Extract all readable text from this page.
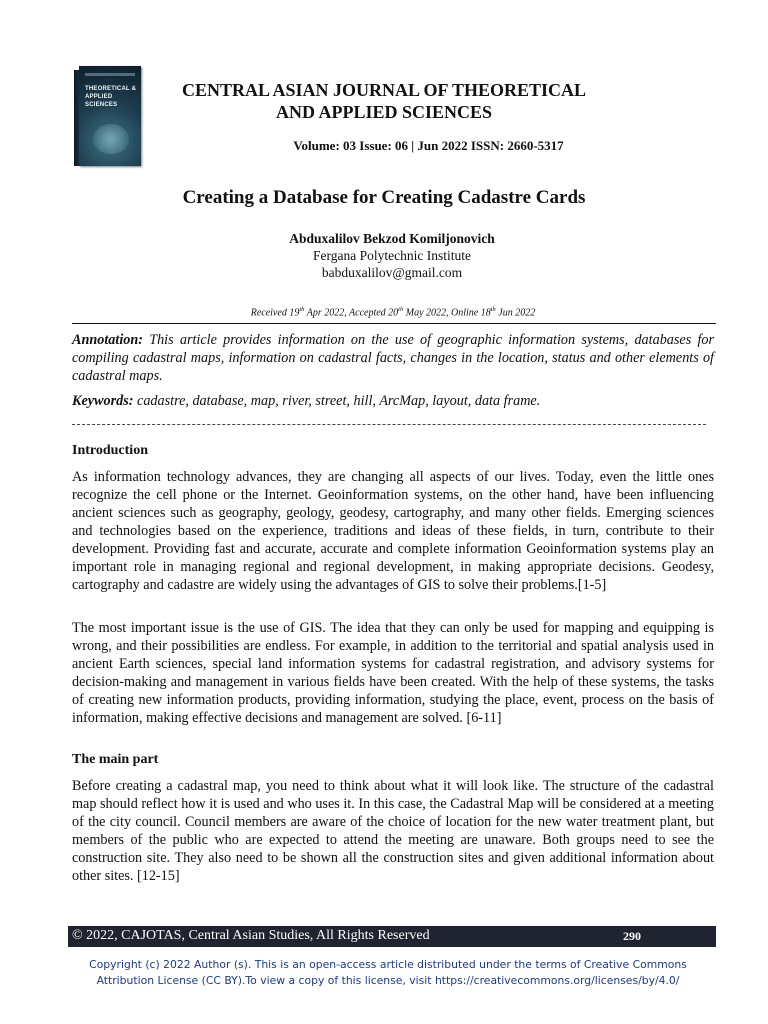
THEORETICAL &
APPLIED
SCIENCES
CENTRAL ASIAN JOURNAL OF THEORETICAL
AND APPLIED SCIENCES
Volume: 03 Issue: 06 | Jun 2022 ISSN: 2660-5317
Creating a Database for Creating Cadastre Cards
Abduxalilov Bekzod Komiljonovich
Fergana Polytechnic Institute
babduxalilov@gmail.com
Received 19th Apr 2022, Accepted 20th May 2022, Online 18th Jun 2022
Annotation: This article provides information on the use of geographic information systems, databases for compiling cadastral maps, information on cadastral facts, changes in the location, status and other elements of cadastral maps.
Keywords: cadastre, database, map, river, street, hill, ArcMap, layout, data frame.
Introduction
As information technology advances, they are changing all aspects of our lives. Today, even the little ones recognize the cell phone or the Internet. Geoinformation systems, on the other hand, have been influencing ancient sciences such as geography, geology, geodesy, cartography, and many other fields. Emerging sciences and technologies based on the experience, traditions and ideas of these fields, in turn, contribute to their development. Providing fast and accurate, accurate and complete information Geoinformation systems play an important role in managing regional and regional development, in making appropriate decisions. Geodesy, cartography and cadastre are widely using the advantages of GIS to solve their problems.[1-5]
The most important issue is the use of GIS. The idea that they can only be used for mapping and equipping is wrong, and their possibilities are endless. For example, in addition to the territorial and spatial analysis used in ancient Earth sciences, special land information systems for cadastral registration, and advisory systems for decision-making and management in various fields have been created. With the help of these systems, the tasks of creating new information products, providing information, studying the place, event, process on the basis of information, making effective decisions and management are solved. [6-11]
The main part
Before creating a cadastral map, you need to think about what it will look like. The structure of the cadastral map should reflect how it is used and who uses it. In this case, the Cadastral Map will be considered at a meeting of the city council. Council members are aware of the choice of location for the new water treatment plant, but members of the public who are expected to attend the meeting are unaware. Both groups need to see the construction site. They also need to be shown all the construction sites and given additional information about other sites. [12-15]
© 2022, CAJOTAS, Central Asian Studies, All Rights Reserved	290
Copyright (c) 2022 Author (s). This is an open-access article distributed under the terms of Creative Commons
Attribution License (CC BY).To view a copy of this license, visit https://creativecommons.org/licenses/by/4.0/
